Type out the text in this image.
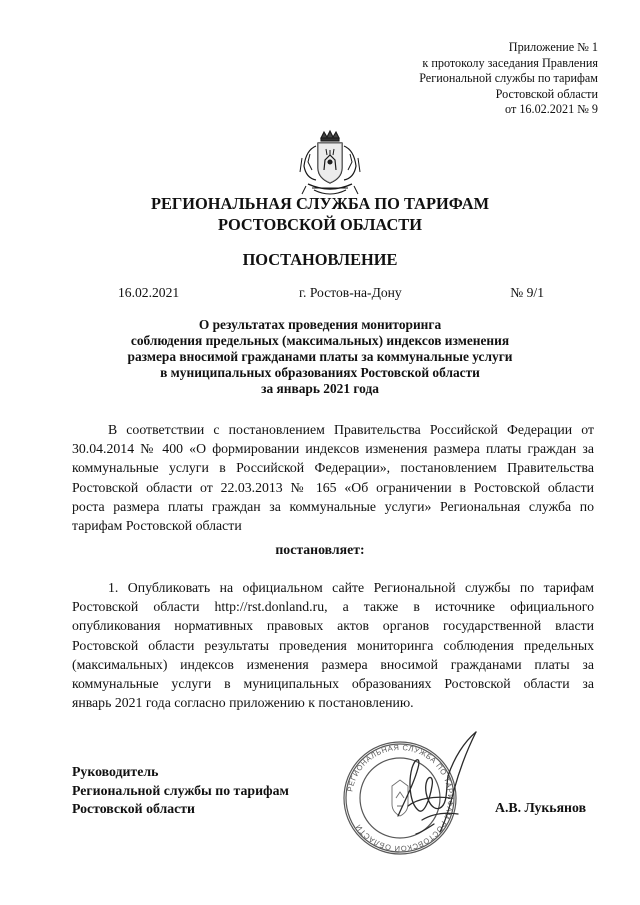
Приложение № 1
к протоколу заседания Правления
Региональной службы по тарифам
Ростовской области
от 16.02.2021 № 9
РЕГИОНАЛЬНАЯ СЛУЖБА ПО ТАРИФАМ
РОСТОВСКОЙ ОБЛАСТИ
ПОСТАНОВЛЕНИЕ
16.02.2021	г. Ростов-на-Дону	№ 9/1
О результатах проведения мониторинга
соблюдения предельных (максимальных) индексов изменения
размера вносимой гражданами платы за коммунальные услуги
в муниципальных образованиях Ростовской области
за январь 2021 года
В соответствии с постановлением Правительства Российской Федерации от
30.04.2014 № 400 «О формировании индексов изменения размера платы граждан за
коммунальные услуги в Российской Федерации», постановлением Правительства
Ростовской области от 22.03.2013 № 165 «Об ограничении в Ростовской области
роста размера платы граждан за коммунальные услуги» Региональная служба по
тарифам Ростовской области
постановляет:
1. Опубликовать на официальном сайте Региональной службы по тарифам
Ростовской области http://rst.donland.ru, а также в источнике официального
опубликования нормативных правовых актов органов государственной власти
Ростовской области результаты проведения мониторинга соблюдения предельных
(максимальных) индексов изменения размера вносимой гражданами платы за
коммунальные услуги в муниципальных образованиях Ростовской области за
январь 2021 года согласно приложению к постановлению.
РЕГИОНАЛЬНАЯ СЛУЖБА ПО ТАРИФАМ РОСТОВСКОЙ ОБЛАСТИ
Руководитель
Региональной службы по тарифам
Ростовской области	А.В. Лукьянов
